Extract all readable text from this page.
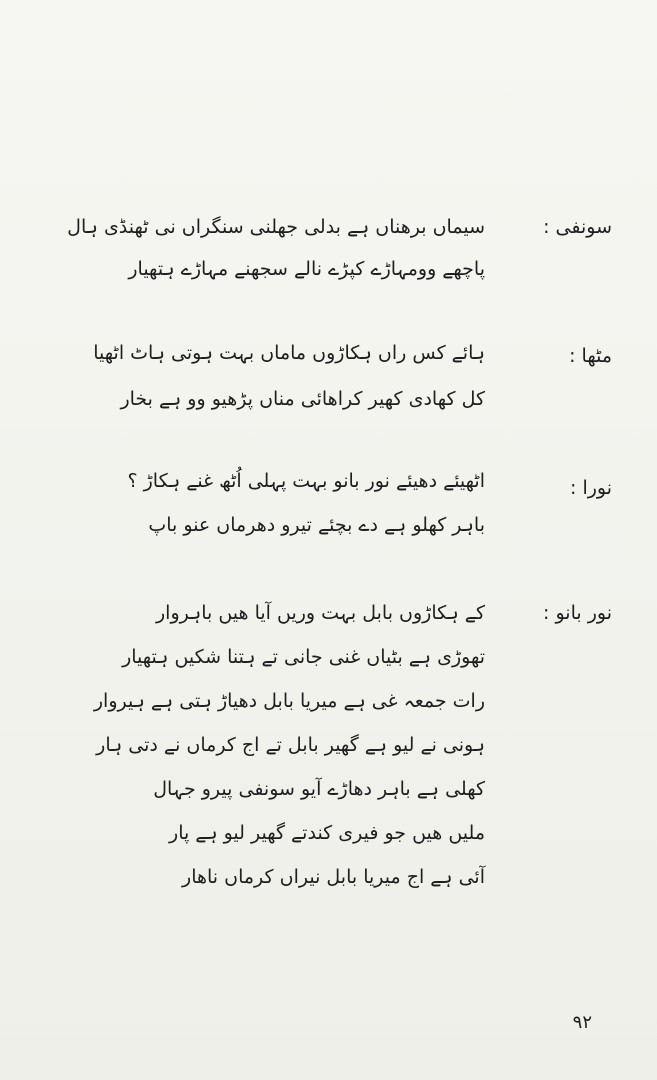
سونفی :
سیماں برھناں ہے بدلی جھلنی سنگراں نی ٹھنڈی ہال
پاچھے وومہاڑے کپڑے نالے سجھنے مہاڑے ہتھیار
مٹھا :
ہائے کس راں ہکاڑوں ماماں بہت ہوتی ہاٹ اٹھیا
کل کھادی کھیر کراھائی مناں پڑھیو وو ہے بخار
نورا :
اٹھیئے دھیئے نور بانو بہت پہلی اُٹھ غنے ہکاڑ ؟
باہر کھلو ہے دے بچئے تیرو دھرماں عنو باپ
نور بانو :
کے ہکاڑوں بابل بہت وریں آیا ھیں باہروار
تھوڑی ہے بٹیاں غنی جانی تے ہتنا شکیں ہتھیار
رات جمعہ غی ہے میریا بابل دھیاڑ ہتی ہے ہیروار
ہونی نے لیو ہے گھیر بابل تے اج کرماں نے دتی ہار
کھلی ہے باہر دھاڑے آیو سونفی پیرو جہال
ملیں ھیں جو فیری کندتے گھیر لیو ہے پار
آئی ہے اج میریا بابل نیراں کرماں ناھار
۹۲
